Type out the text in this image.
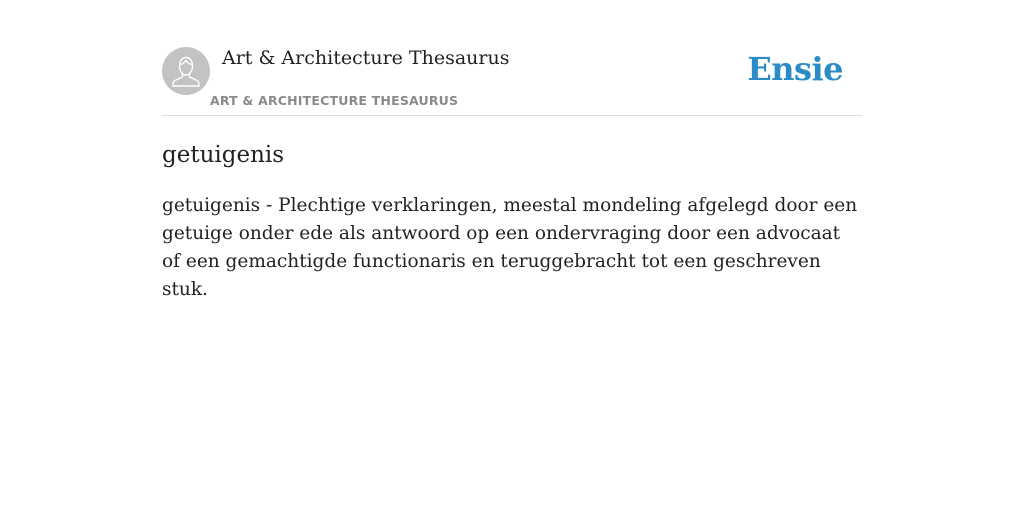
Art & Architecture Thesaurus
ART & ARCHITECTURE THESAURUS
Ensie
getuigenis

getuigenis - Plechtige verklaringen, meestal mondeling afgelegd door een getuige onder ede als antwoord op een ondervraging door een advocaat of een gemachtigde functionaris en teruggebracht tot een geschreven stuk.
